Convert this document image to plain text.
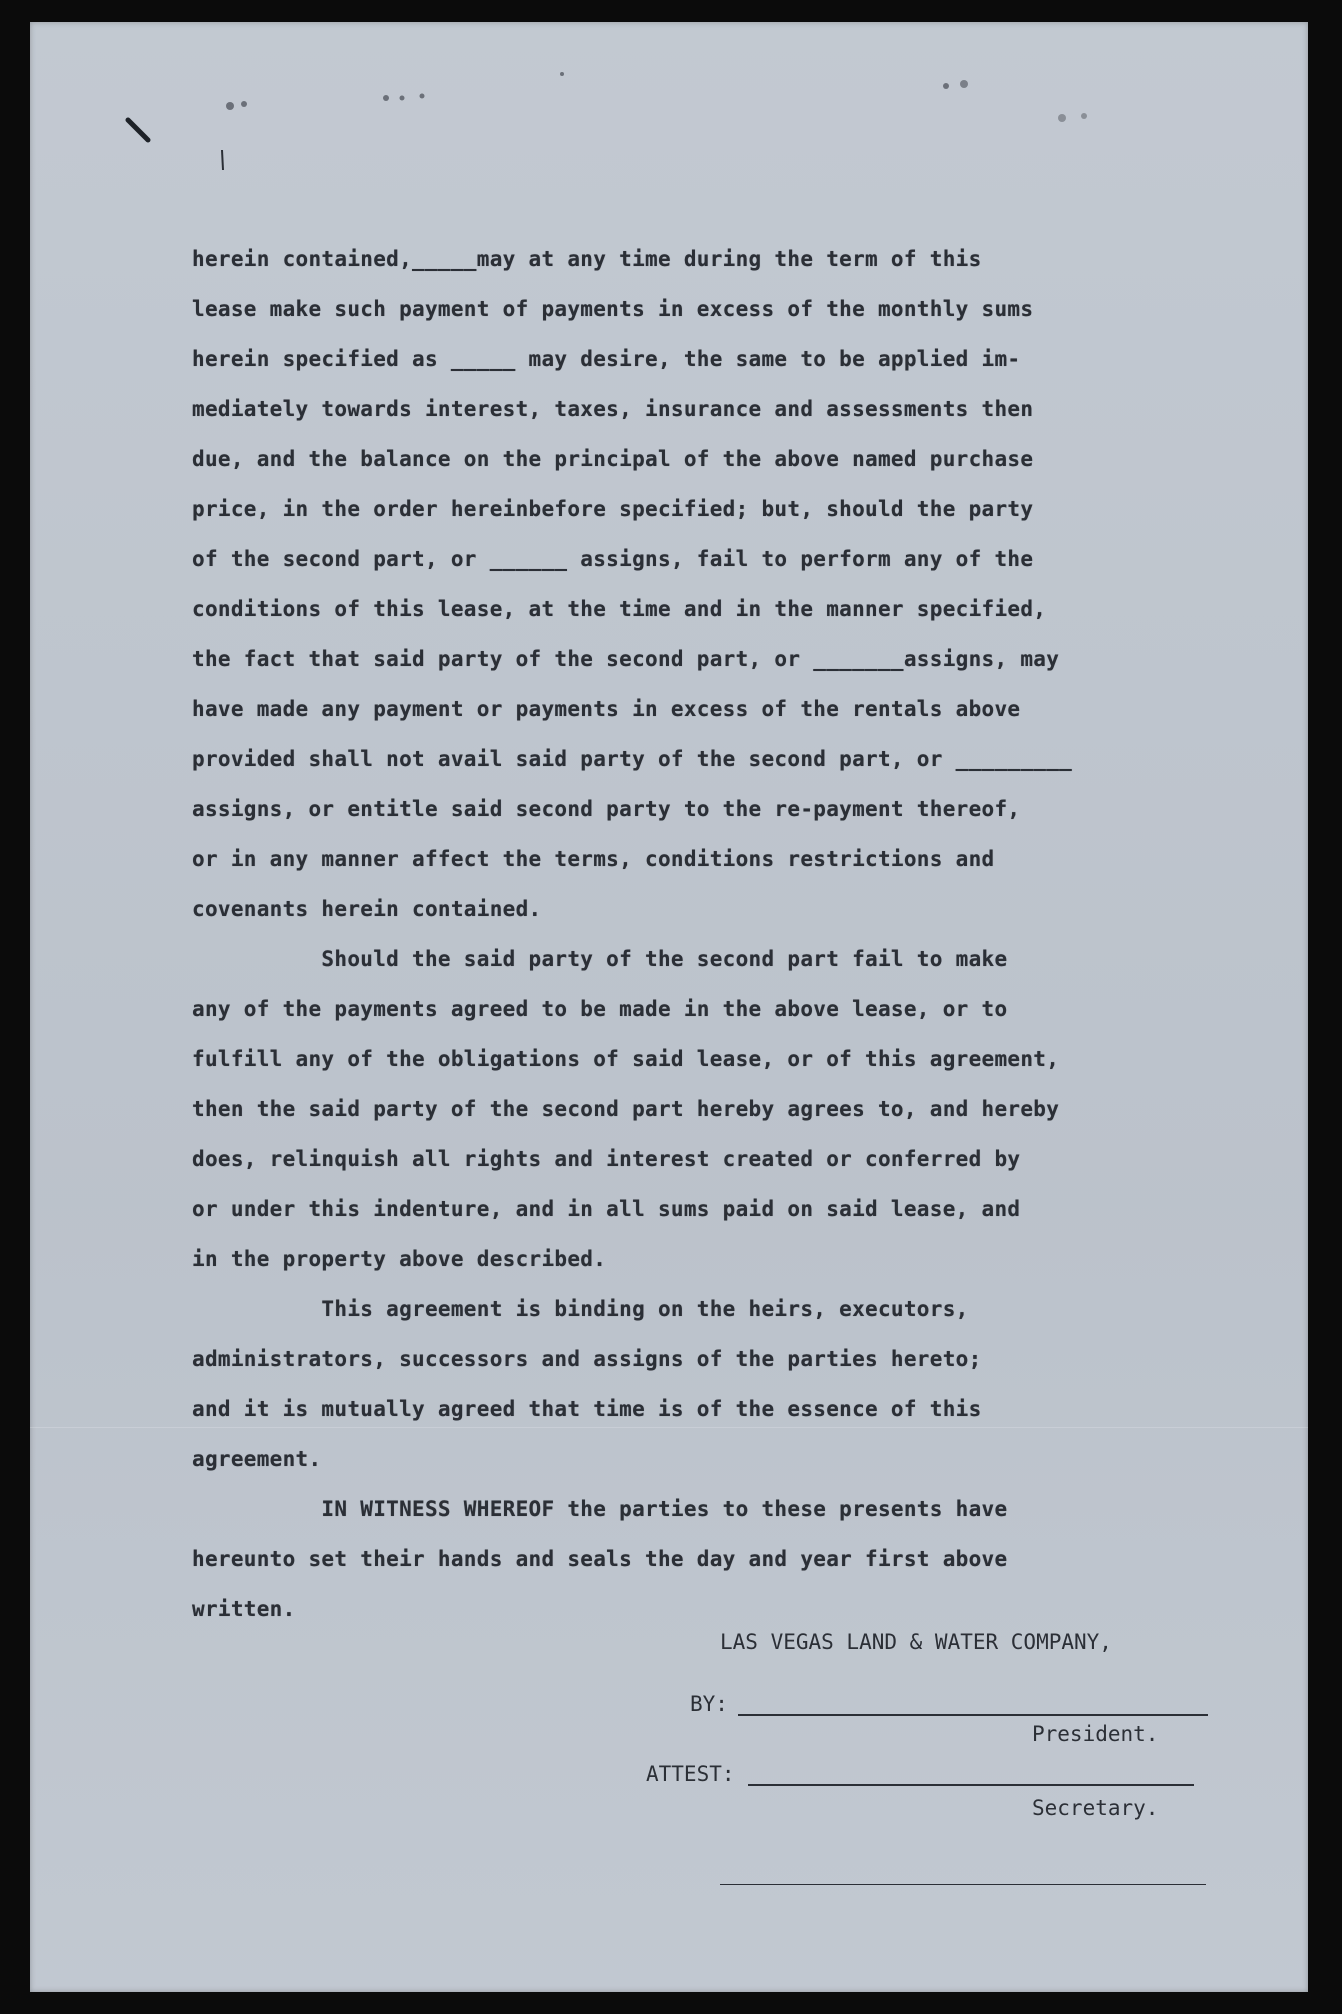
herein contained,_____may at any time during the term of this

lease make such payment of payments in excess of the monthly sums

herein specified as _____ may desire, the same to be applied im-

mediately towards interest, taxes, insurance and assessments then

due, and the balance on the principal of the above named purchase

price, in the order hereinbefore specified; but, should the party

of the second part, or ______ assigns, fail to perform any of the

conditions of this lease, at the time and in the manner specified,

the fact that said party of the second part, or _______assigns, may

have made any payment or payments in excess of the rentals above

provided shall not avail said party of the second part, or _________

assigns, or entitle said second party to the re-payment thereof,

or in any manner affect the terms, conditions restrictions and

covenants herein contained.

Should the said party of the second part fail to make

any of the payments agreed to be made in the above lease, or to

fulfill any of the obligations of said lease, or of this agreement,

then the said party of the second part hereby agrees to, and hereby

does, relinquish all rights and interest created or conferred by

or under this indenture, and in all sums paid on said lease, and

in the property above described.

This agreement is binding on the heirs, executors,

administrators, successors and assigns of the parties hereto;

and it is mutually agreed that time is of the essence of this

agreement.

IN WITNESS WHEREOF the parties to these presents have

hereunto set their hands and seals the day and year first above

written.

LAS VEGAS LAND & WATER COMPANY,
BY:
President.
ATTEST:
Secretary.
